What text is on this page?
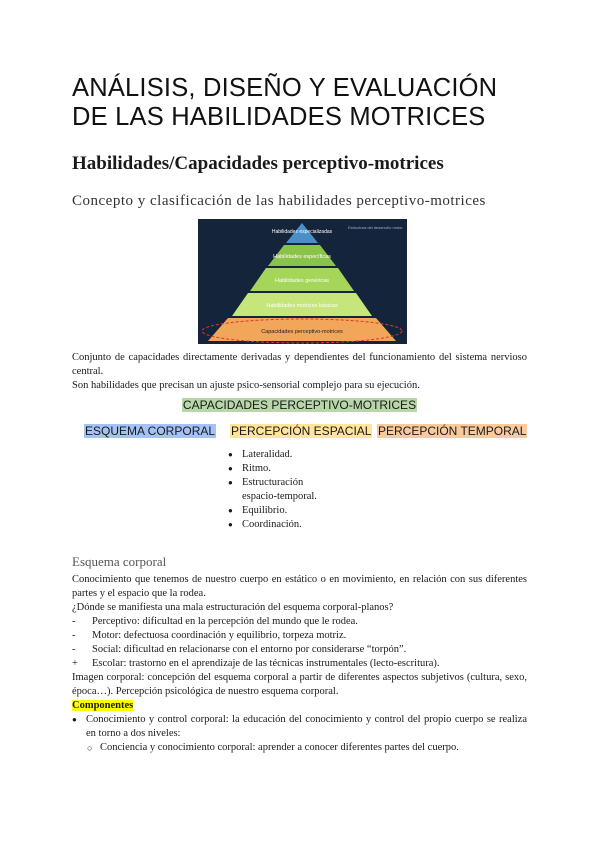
ANÁLISIS, DISEÑO Y EVALUACIÓN
DE LAS HABILIDADES MOTRICES
Habilidades/Capacidades perceptivo-motrices
Concepto y clasificación de las habilidades perceptivo-motrices
Habilidades especializadas
Habilidades específicas
Habilidades genéricas
Habilidades motrices básicas
Capacidades perceptivo-motrices
Estructura del desarrollo motor
Conjunto de capacidades directamente derivadas y dependientes del funcionamiento del sistema nervioso central.
Son habilidades que precisan un ajuste psico-sensorial complejo para su ejecución.
CAPACIDADES PERCEPTIVO-MOTRICES
ESQUEMA CORPORAL PERCEPCIÓN ESPACIAL PERCEPCIÓN TEMPORAL
● Lateralidad.
● Ritmo.
● Estructuración espacio-temporal.
● Equilibrio.
● Coordinación.
Esquema corporal
Conocimiento que tenemos de nuestro cuerpo en estático o en movimiento, en relación con sus diferentes partes y el espacio que la rodea.
¿Dónde se manifiesta una mala estructuración del esquema corporal-planos?
- Perceptivo: dificultad en la percepción del mundo que le rodea.
- Motor: defectuosa coordinación y equilibrio, torpeza motriz.
- Social: dificultad en relacionarse con el entorno por considerarse “torpón”.
+ Escolar: trastorno en el aprendizaje de las técnicas instrumentales (lecto-escritura).
Imagen corporal: concepción del esquema corporal a partir de diferentes aspectos subjetivos (cultura, sexo, época…). Percepción psicológica de nuestro esquema corporal.
Componentes
● Conocimiento y control corporal: la educación del conocimiento y control del propio cuerpo se realiza en torno a dos niveles:
○ Conciencia y conocimiento corporal: aprender a conocer diferentes partes del cuerpo.
